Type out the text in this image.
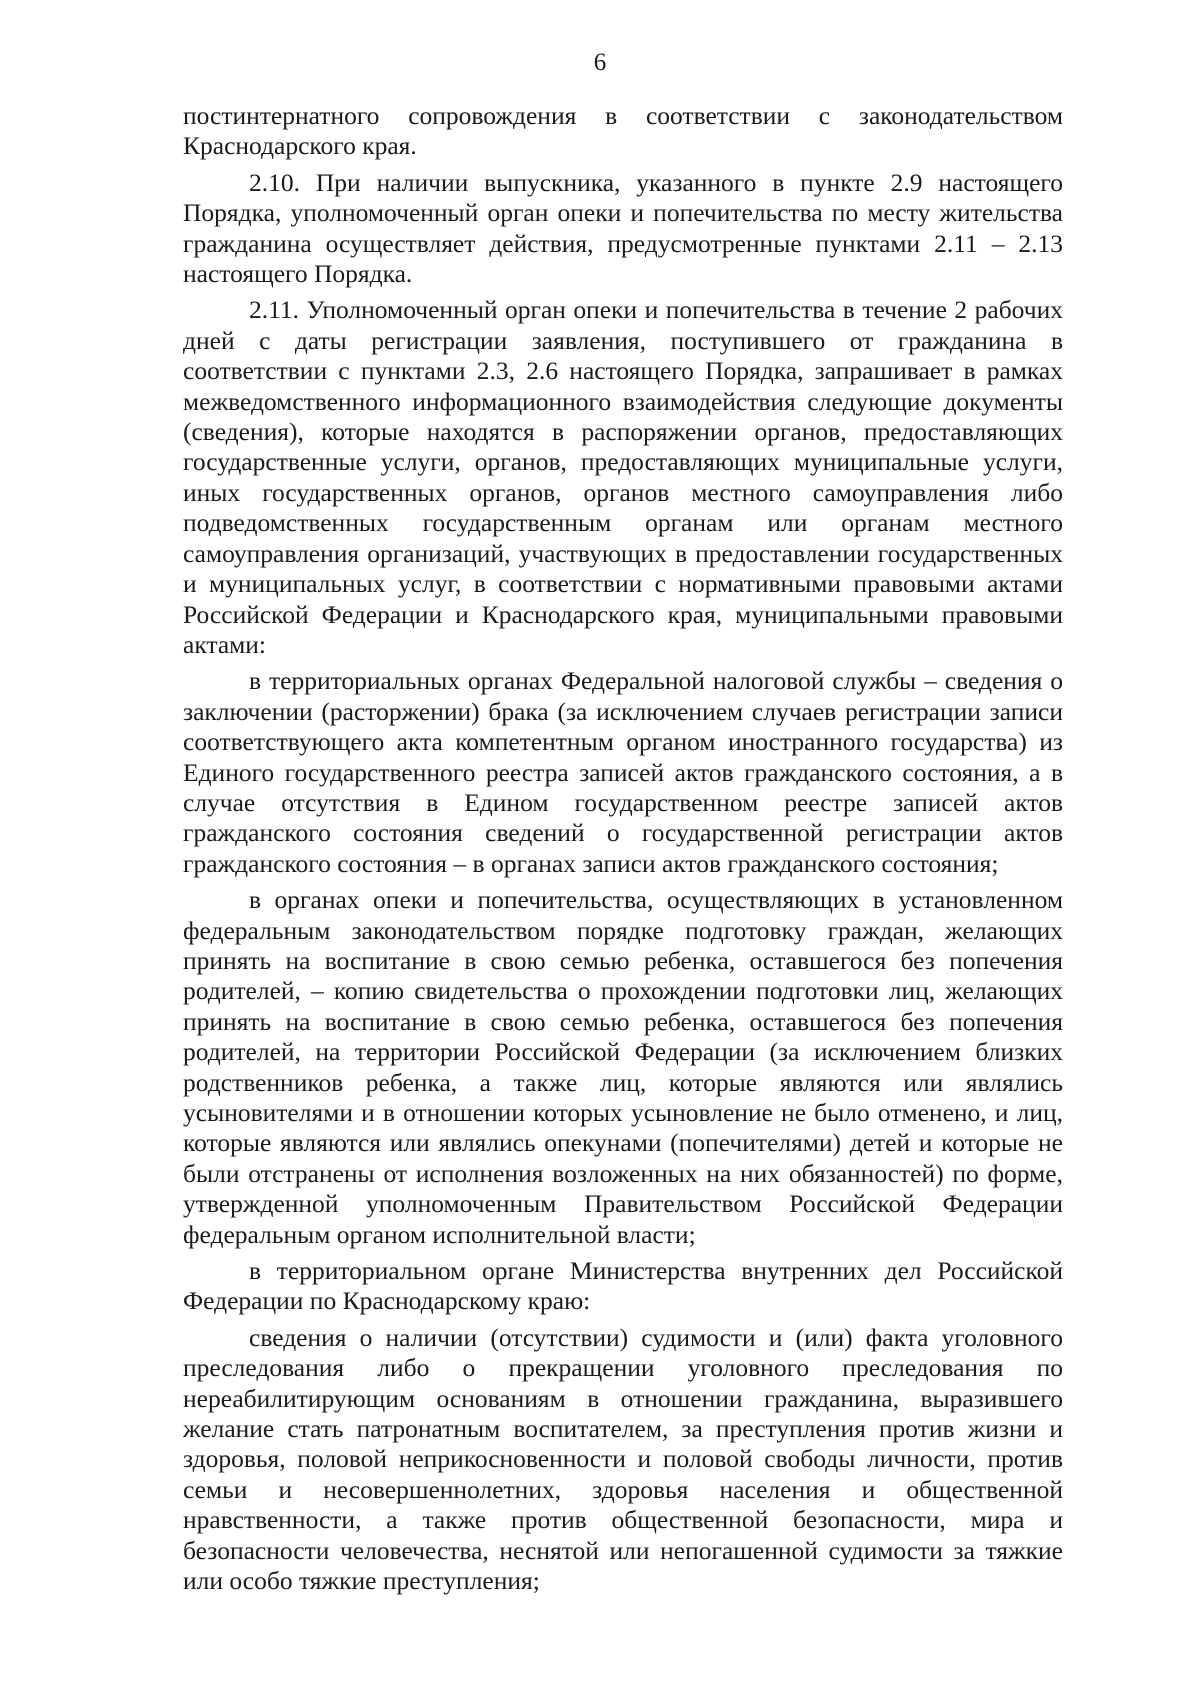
6

постинтернатного сопровождения в соответствии с законодательством Краснодарского края.

2.10. При наличии выпускника, указанного в пункте 2.9 настоящего Порядка, уполномоченный орган опеки и попечительства по месту жительства гражданина осуществляет действия, предусмотренные пунктами 2.11 – 2.13 настоящего Порядка.

2.11. Уполномоченный орган опеки и попечительства в течение 2 рабочих дней с даты регистрации заявления, поступившего от гражданина в соответствии с пунктами 2.3, 2.6 настоящего Порядка, запрашивает в рамках межведомственного информационного взаимодействия следующие документы (сведения), которые находятся в распоряжении органов, предоставляющих государственные услуги, органов, предоставляющих муниципальные услуги, иных государственных органов, органов местного самоуправления либо подведомственных государственным органам или органам местного самоуправления организаций, участвующих в предоставлении государственных и муниципальных услуг, в соответствии с нормативными правовыми актами Российской Федерации и Краснодарского края, муниципальными правовыми актами:

в территориальных органах Федеральной налоговой службы – сведения о заключении (расторжении) брака (за исключением случаев регистрации записи соответствующего акта компетентным органом иностранного государства) из Единого государственного реестра записей актов гражданского состояния, а в случае отсутствия в Едином государственном реестре записей актов гражданского состояния сведений о государственной регистрации актов гражданского состояния – в органах записи актов гражданского состояния;

в органах опеки и попечительства, осуществляющих в установленном федеральным законодательством порядке подготовку граждан, желающих принять на воспитание в свою семью ребенка, оставшегося без попечения родителей, – копию свидетельства о прохождении подготовки лиц, желающих принять на воспитание в свою семью ребенка, оставшегося без попечения родителей, на территории Российской Федерации (за исключением близких родственников ребенка, а также лиц, которые являются или являлись усыновителями и в отношении которых усыновление не было отменено, и лиц, которые являются или являлись опекунами (попечителями) детей и которые не были отстранены от исполнения возложенных на них обязанностей) по форме, утвержденной уполномоченным Правительством Российской Федерации федеральным органом исполнительной власти;

в территориальном органе Министерства внутренних дел Российской Федерации по Краснодарскому краю:

сведения о наличии (отсутствии) судимости и (или) факта уголовного преследования либо о прекращении уголовного преследования по нереабилитирующим основаниям в отношении гражданина, выразившего желание стать патронатным воспитателем, за преступления против жизни и здоровья, половой неприкосновенности и половой свободы личности, против семьи и несовершеннолетних, здоровья населения и общественной нравственности, а также против общественной безопасности, мира и безопасности человечества, неснятой или непогашенной судимости за тяжкие или особо тяжкие преступления;
